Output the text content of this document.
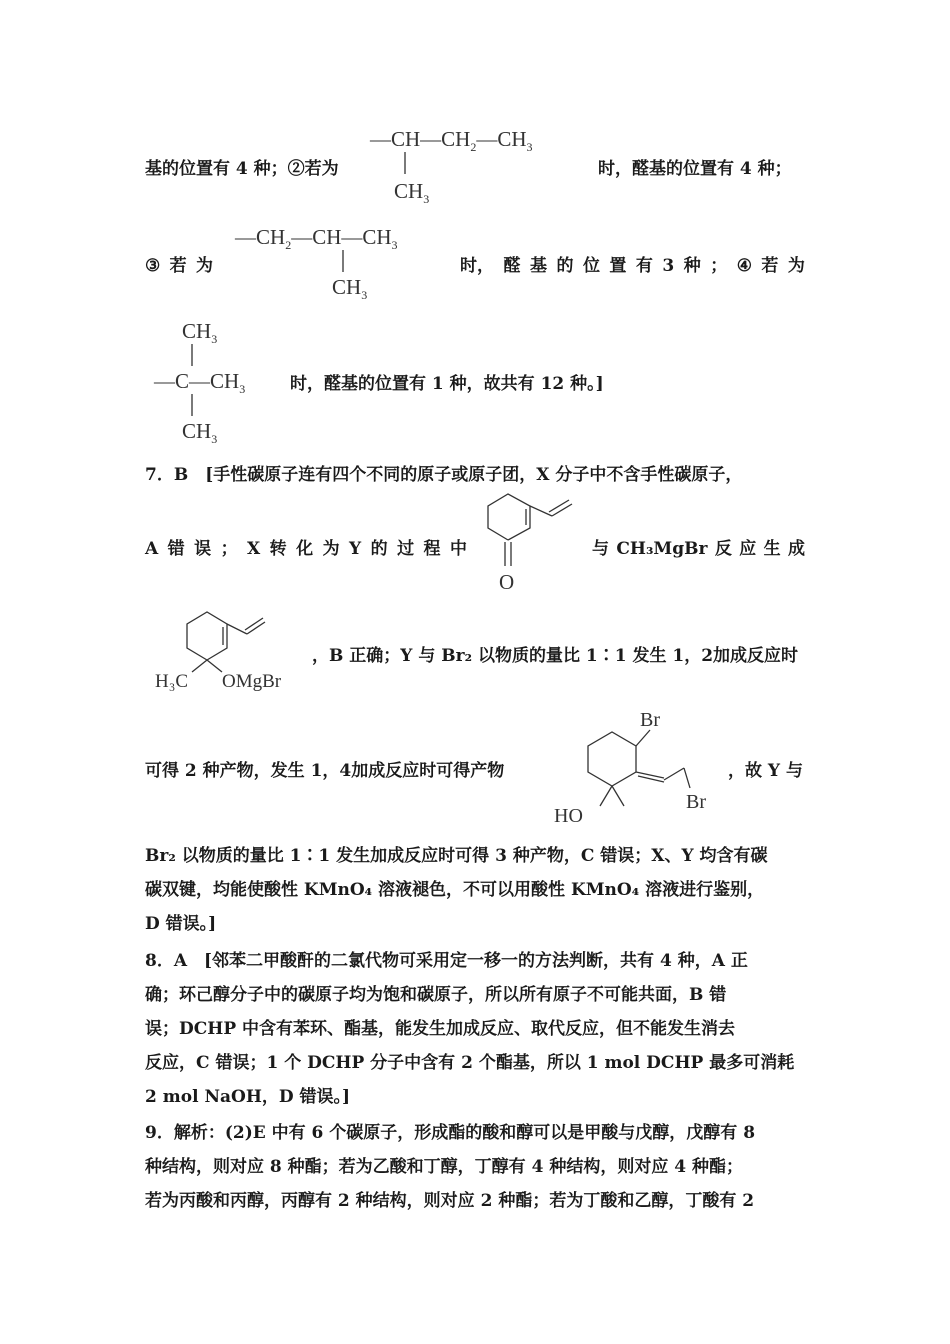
$—CH—CH_2—CH_3$
$CH_3$
基的位置有 4 种；②若为	时，醛基的位置有 4 种；
$—CH_2—CH—CH_3$
$CH_3$
③ 若 为	时， 醛 基 的 位 置 有 3 种 ； ④ 若 为
$CH_3$
$—C—CH_3$
$CH_3$
时，醛基的位置有 1 种，故共有 12 种。]
7．B　[手性碳原子连有四个不同的原子或原子团，X 分子中不含手性碳原子，
A 错 误 ； X 转 化 为 Y 的 过 程 中
O
与 CH₃MgBr 反 应 生 成
H₃C OMgBr
，B 正确；Y 与 Br₂ 以物质的量比 1∶1 发生 1，2加成反应时
Br
Br
HO
可得 2 种产物，发生 1，4加成反应时可得产物	，故 Y 与
Br₂ 以物质的量比 1∶1 发生加成反应时可得 3 种产物，C 错误；X、Y 均含有碳
碳双键，均能使酸性 KMnO₄ 溶液褪色，不可以用酸性 KMnO₄ 溶液进行鉴别，
D 错误。]
8．A　[邻苯二甲酸酐的二氯代物可采用定一移一的方法判断，共有 4 种，A 正
确；环己醇分子中的碳原子均为饱和碳原子，所以所有原子不可能共面，B 错
误；DCHP 中含有苯环、酯基，能发生加成反应、取代反应，但不能发生消去
反应，C 错误；1 个 DCHP 分子中含有 2 个酯基，所以 1 mol DCHP 最多可消耗
2 mol NaOH，D 错误。]
9．解析：(2)E 中有 6 个碳原子，形成酯的酸和醇可以是甲酸与戊醇，戊醇有 8
种结构，则对应 8 种酯；若为乙酸和丁醇，丁醇有 4 种结构，则对应 4 种酯；
若为丙酸和丙醇，丙醇有 2 种结构，则对应 2 种酯；若为丁酸和乙醇，丁酸有 2
